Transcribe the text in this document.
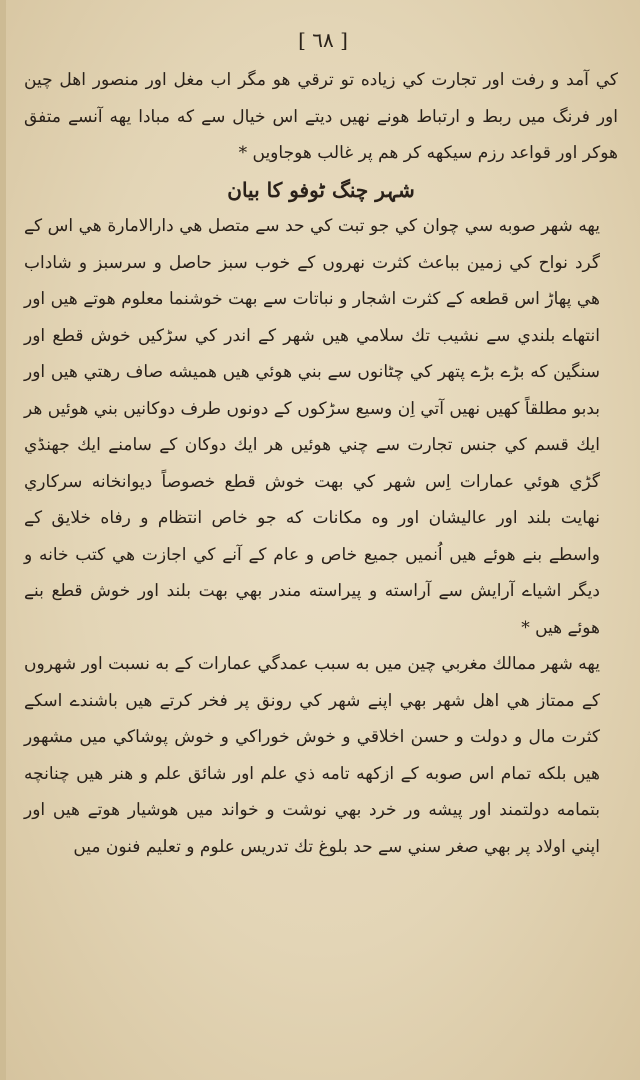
[ ٦٨ ]

كي آمد و رفت اور تجارت كي زياده تو ترقي هو مگر اب مغل اور منصور اهل چين اور فرنگ ميں ربط و ارتباط هونے نهيں ديتے اس خيال سے كه مبادا يهه آنسے متفق هوكر اور قواعد رزم سيكهه كر هم پر غالب هوجاويں *

شہر چنگ ٹوفو كا بيان

يهه شهر صوبه سي چوان كي جو تبت كي حد سے متصل هي دارالامارة هي اس كے گرد نواح كي زمين بباعث كثرت نهروں كے خوب سبز حاصل و سرسبز و شاداب هي پهاڑ اس قطعه كے كثرت اشجار و نباتات سے بهت خوشنما معلوم هوتے هيں اور انتهاے بلندي سے نشيب تك سلامي هيں شهر كے اندر كي سڑكيں خوش قطع اور سنگين كه بڑے بڑے پتهر كي چٹانوں سے بني هوئي هيں هميشه صاف رهتي هيں اور بدبو مطلقاً كهيں نهيں آتي اِن وسيع سڑكوں كے دونوں طرف دوكانيں بني هوئيں هر ايك قسم كي جنس تجارت سے چني هوئيں هر ايك دوكان كے سامنے ايك جهنڈي گڑي هوئي عمارات اِس شهر كي بهت خوش قطع خصوصاً ديوانخانه سركاري نهايت بلند اور عاليشان اور وه مكانات كه جو خاص انتظام و رفاه خلايق كے واسطے بنے هوئے هيں اُنميں جميع خاص و عام كے آنے كي اجازت هي كتب خانه و ديگر اشياے آرايش سے آراسته و پيراسته مندر بهي بهت بلند اور خوش قطع بنے هوئے هيں *

يهه شهر ممالك مغربي چين ميں به سبب عمدگي عمارات كے به نسبت اور شهروں كے ممتاز هي اهل شهر بهي اپنے شهر كي رونق پر فخر كرتے هيں باشندے اسكے كثرت مال و دولت و حسن اخلاقي و خوش خوراكي و خوش پوشاكي ميں مشهور هيں بلكه تمام اس صوبه كے ازكهه تامه ذي علم اور شائق علم و هنر هيں چنانچه بتمامه دولتمند اور پيشه ور خرد بهي نوشت و خواند ميں هوشيار هوتے هيں اور اپني اولاد پر بهي صغر سني سے حد بلوغ تك تدريس علوم و تعليم فنون ميں
